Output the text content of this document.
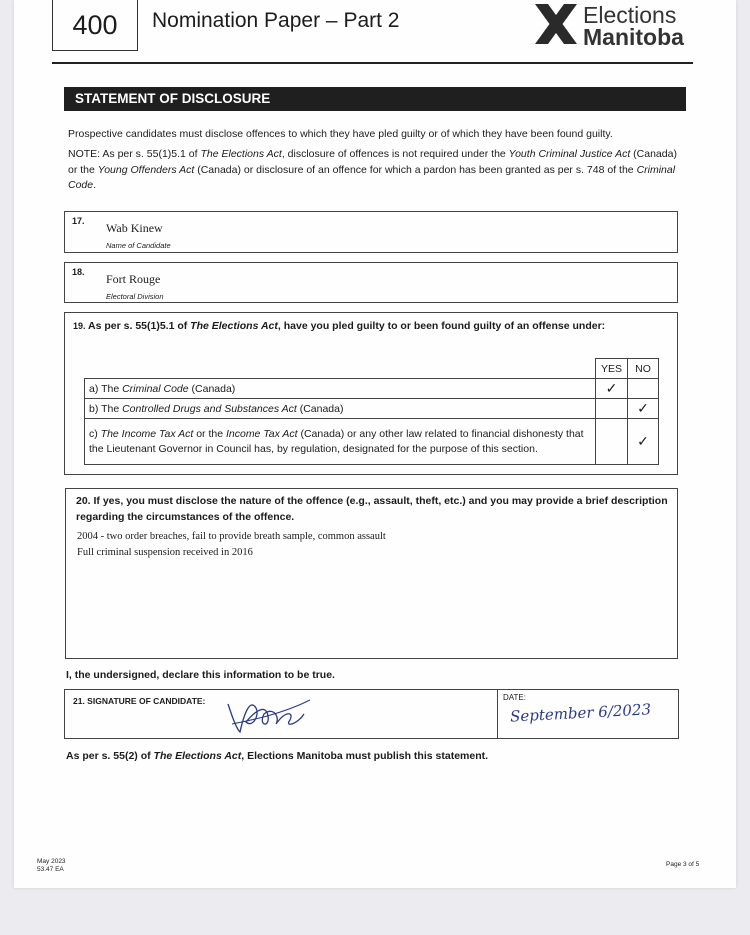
400	Nomination Paper – Part 2	Elections
Manitoba
STATEMENT OF DISCLOSURE
Prospective candidates must disclose offences to which they have pled guilty or of which they have been found guilty.
NOTE: As per s. 55(1)5.1 of The Elections Act, disclosure of offences is not required under the Youth Criminal Justice Act (Canada) or the Young Offenders Act (Canada) or disclosure of an offence for which a pardon has been granted as per s. 748 of the Criminal Code.
17. Wab Kinew
Name of Candidate
18. Fort Rouge
Electoral Division
19. As per s. 55(1)5.1 of The Elections Act, have you pled guilty to or been found guilty of an offense under:
	YES	NO
a) The Criminal Code (Canada)	✓	
b) The Controlled Drugs and Substances Act (Canada)		✓
c) The Income Tax Act or the Income Tax Act (Canada) or any other law related to financial dishonesty that the Lieutenant Governor in Council has, by regulation, designated for the purpose of this section.		✓
20. If yes, you must disclose the nature of the offence (e.g., assault, theft, etc.) and you may provide a brief description regarding the circumstances of the offence.
2004 - two order breaches, fail to provide breath sample, common assault
Full criminal suspension received in 2016
I, the undersigned, declare this information to be true.
21. SIGNATURE OF CANDIDATE:	DATE:
September 6/2023
As per s. 55(2) of The Elections Act, Elections Manitoba must publish this statement.
May 2023
53.47 EA
Page 3 of 5
